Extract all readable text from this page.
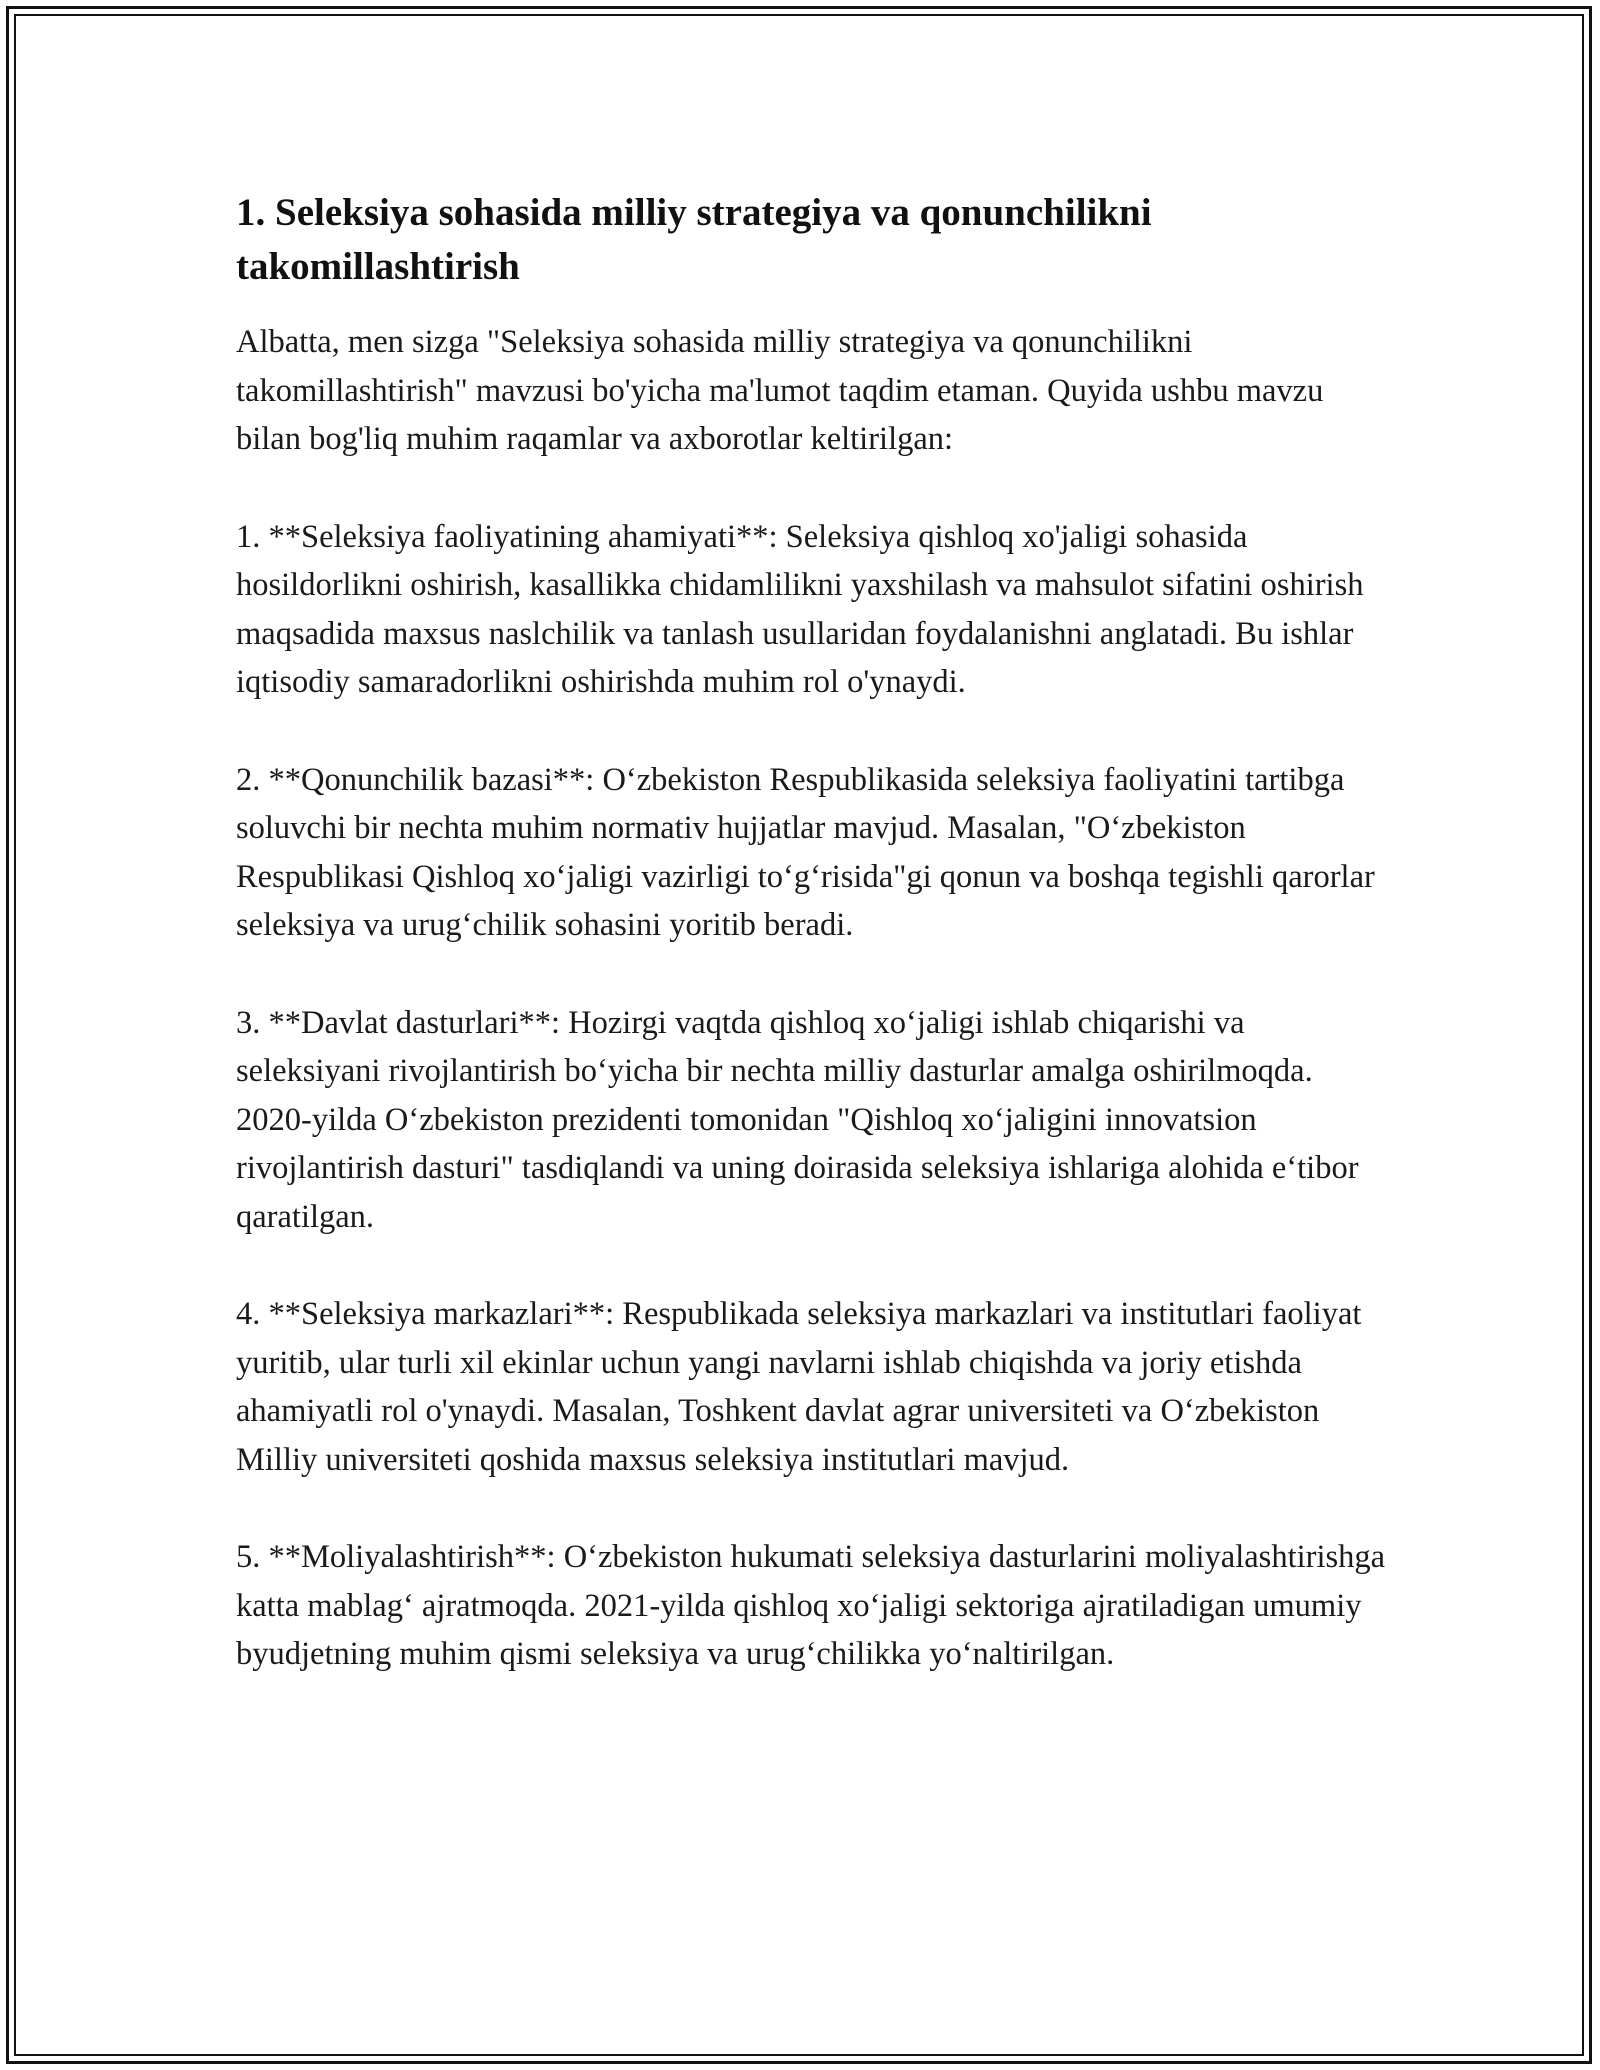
1. Seleksiya sohasida milliy strategiya va qonunchilikni takomillashtirish

Albatta, men sizga "Seleksiya sohasida milliy strategiya va qonunchilikni takomillashtirish" mavzusi bo'yicha ma'lumot taqdim etaman. Quyida ushbu mavzu bilan bog'liq muhim raqamlar va axborotlar keltirilgan:

1. **Seleksiya faoliyatining ahamiyati**: Seleksiya qishloq xo'jaligi sohasida hosildorlikni oshirish, kasallikka chidamlilikni yaxshilash va mahsulot sifatini oshirish maqsadida maxsus naslchilik va tanlash usullaridan foydalanishni anglatadi. Bu ishlar iqtisodiy samaradorlikni oshirishda muhim rol o'ynaydi.

2. **Qonunchilik bazasi**: O‘zbekiston Respublikasida seleksiya faoliyatini tartibga soluvchi bir nechta muhim normativ hujjatlar mavjud. Masalan, "O‘zbekiston Respublikasi Qishloq xo‘jaligi vazirligi to‘g‘risida"gi qonun va boshqa tegishli qarorlar seleksiya va urug‘chilik sohasini yoritib beradi.

3. **Davlat dasturlari**: Hozirgi vaqtda qishloq xo‘jaligi ishlab chiqarishi va seleksiyani rivojlantirish bo‘yicha bir nechta milliy dasturlar amalga oshirilmoqda. 2020-yilda O‘zbekiston prezidenti tomonidan "Qishloq xo‘jaligini innovatsion rivojlantirish dasturi" tasdiqlandi va uning doirasida seleksiya ishlariga alohida e‘tibor qaratilgan.

4. **Seleksiya markazlari**: Respublikada seleksiya markazlari va institutlari faoliyat yuritib, ular turli xil ekinlar uchun yangi navlarni ishlab chiqishda va joriy etishda ahamiyatli rol o'ynaydi. Masalan, Toshkent davlat agrar universiteti va O‘zbekiston Milliy universiteti qoshida maxsus seleksiya institutlari mavjud.

5. **Moliyalashtirish**: O‘zbekiston hukumati seleksiya dasturlarini moliyalashtirishga katta mablag‘ ajratmoqda. 2021-yilda qishloq xo‘jaligi sektoriga ajratiladigan umumiy byudjetning muhim qismi seleksiya va urug‘chilikka yo‘naltirilgan.
